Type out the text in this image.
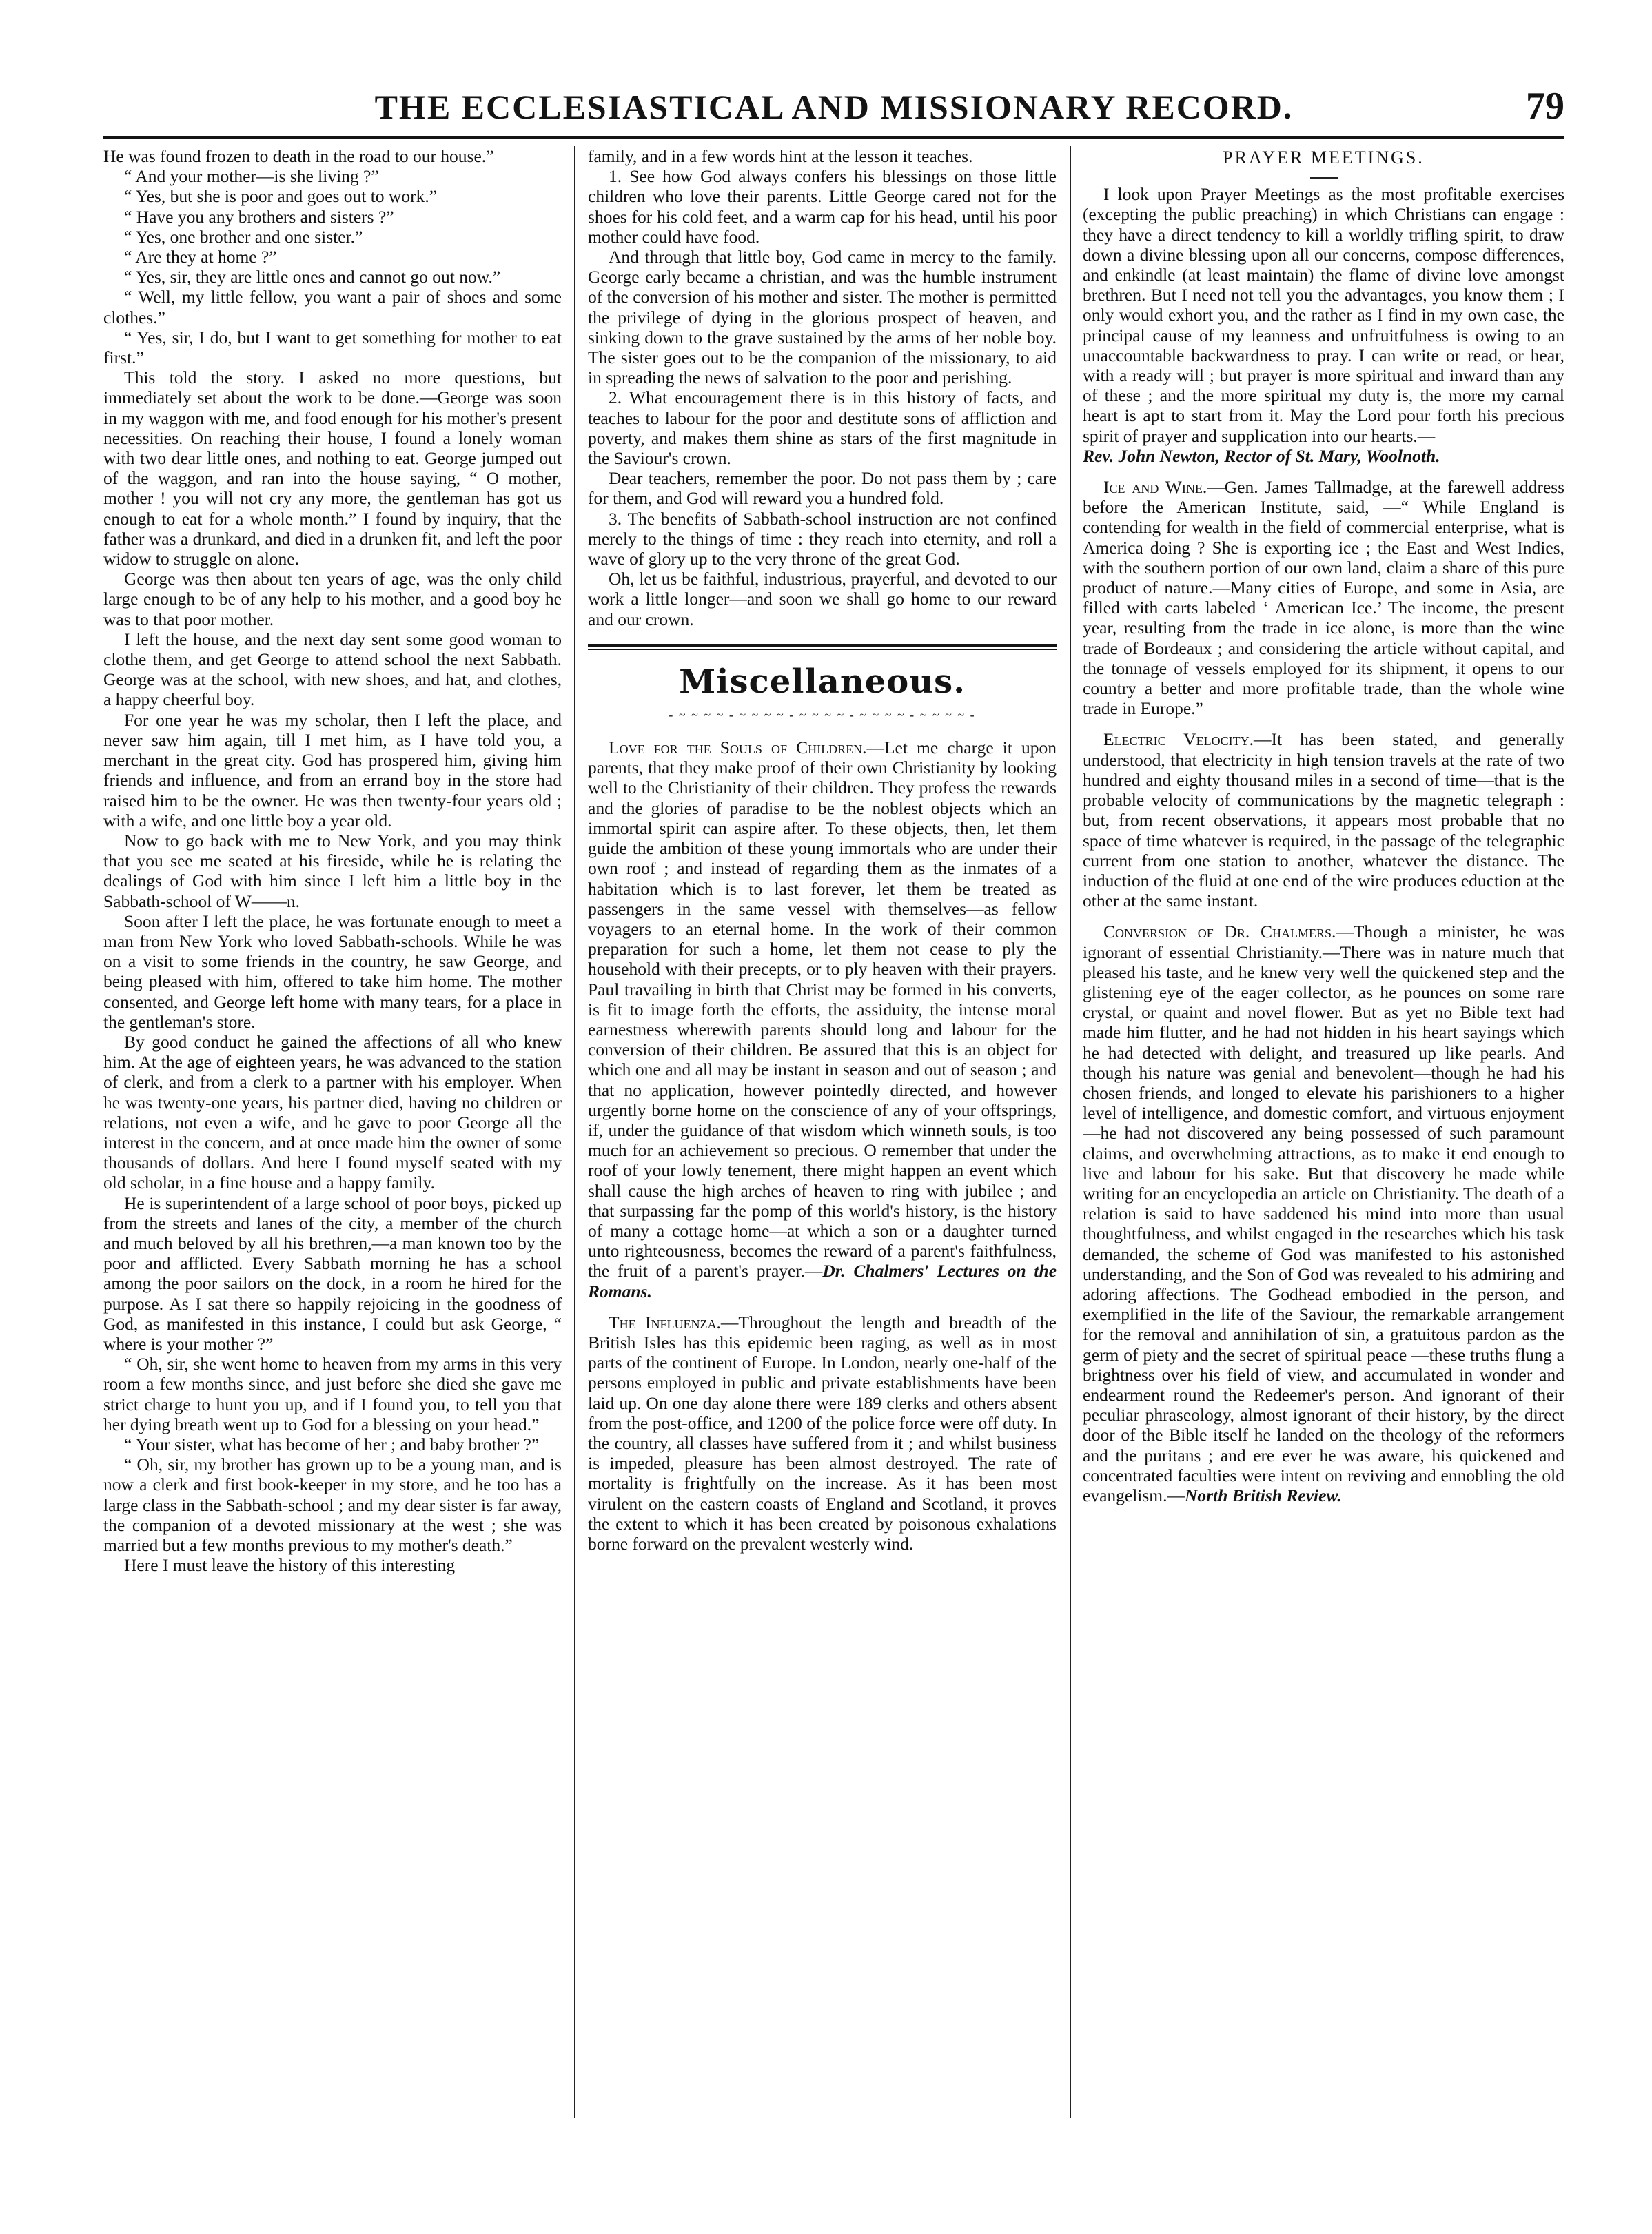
THE ECCLESIASTICAL AND MISSIONARY RECORD.	79

He was found frozen to death in the road to our house.”

“ And your mother—is she living ?”

“ Yes, but she is poor and goes out to work.”

“ Have you any brothers and sisters ?”

“ Yes, one brother and one sister.”

“ Are they at home ?”

“ Yes, sir, they are little ones and cannot go out now.”

“ Well, my little fellow, you want a pair of shoes and some clothes.”

“ Yes, sir, I do, but I want to get something for mother to eat first.”

This told the story. I asked no more questions, but immediately set about the work to be done.—George was soon in my waggon with me, and food enough for his mother's present necessities. On reaching their house, I found a lonely woman with two dear little ones, and nothing to eat. George jumped out of the waggon, and ran into the house saying, “ O mother, mother ! you will not cry any more, the gentleman has got us enough to eat for a whole month.” I found by inquiry, that the father was a drunkard, and died in a drunken fit, and left the poor widow to struggle on alone.

George was then about ten years of age, was the only child large enough to be of any help to his mother, and a good boy he was to that poor mother.

I left the house, and the next day sent some good woman to clothe them, and get George to attend school the next Sabbath. George was at the school, with new shoes, and hat, and clothes, a happy cheerful boy.

For one year he was my scholar, then I left the place, and never saw him again, till I met him, as I have told you, a merchant in the great city. God has prospered him, giving him friends and influence, and from an errand boy in the store had raised him to be the owner. He was then twenty-four years old ; with a wife, and one little boy a year old.

Now to go back with me to New York, and you may think that you see me seated at his fireside, while he is relating the dealings of God with him since I left him a little boy in the Sabbath-school of W——n.

Soon after I left the place, he was fortunate enough to meet a man from New York who loved Sabbath-schools. While he was on a visit to some friends in the country, he saw George, and being pleased with him, offered to take him home. The mother consented, and George left home with many tears, for a place in the gentleman's store.

By good conduct he gained the affections of all who knew him. At the age of eighteen years, he was advanced to the station of clerk, and from a clerk to a partner with his employer. When he was twenty-one years, his partner died, having no children or relations, not even a wife, and he gave to poor George all the interest in the concern, and at once made him the owner of some thousands of dollars. And here I found myself seated with my old scholar, in a fine house and a happy family.

He is superintendent of a large school of poor boys, picked up from the streets and lanes of the city, a member of the church and much beloved by all his brethren,—a man known too by the poor and afflicted. Every Sabbath morning he has a school among the poor sailors on the dock, in a room he hired for the purpose. As I sat there so happily rejoicing in the goodness of God, as manifested in this instance, I could but ask George, “ where is your mother ?”

“ Oh, sir, she went home to heaven from my arms in this very room a few months since, and just before she died she gave me strict charge to hunt you up, and if I found you, to tell you that her dying breath went up to God for a blessing on your head.”

“ Your sister, what has become of her ; and baby brother ?”

“ Oh, sir, my brother has grown up to be a young man, and is now a clerk and first book-keeper in my store, and he too has a large class in the Sabbath-school ; and my dear sister is far away, the companion of a devoted missionary at the west ; she was married but a few months previous to my mother's death.”

Here I must leave the history of this interesting

family, and in a few words hint at the lesson it teaches.

1. See how God always confers his blessings on those little children who love their parents. Little George cared not for the shoes for his cold feet, and a warm cap for his head, until his poor mother could have food.

And through that little boy, God came in mercy to the family. George early became a christian, and was the humble instrument of the conversion of his mother and sister. The mother is permitted the privilege of dying in the glorious prospect of heaven, and sinking down to the grave sustained by the arms of her noble boy. The sister goes out to be the companion of the missionary, to aid in spreading the news of salvation to the poor and perishing.

2. What encouragement there is in this history of facts, and teaches to labour for the poor and destitute sons of affliction and poverty, and makes them shine as stars of the first magnitude in the Saviour's crown.

Dear teachers, remember the poor. Do not pass them by ; care for them, and God will reward you a hundred fold.

3. The benefits of Sabbath-school instruction are not confined merely to the things of time : they reach into eternity, and roll a wave of glory up to the very throne of the great God.

Oh, let us be faithful, industrious, prayerful, and devoted to our work a little longer—and soon we shall go home to our reward and our crown.

Miscellaneous.
- ~ ~ ~ ~ - ~ ~ ~ ~ - ~ ~ ~ ~ - ~ ~ ~ ~ - ~ ~ ~ ~ -

Love for the Souls of Children.—Let me charge it upon parents, that they make proof of their own Christianity by looking well to the Christianity of their children. They profess the rewards and the glories of paradise to be the noblest objects which an immortal spirit can aspire after. To these objects, then, let them guide the ambition of these young immortals who are under their own roof ; and instead of regarding them as the inmates of a habitation which is to last forever, let them be treated as passengers in the same vessel with themselves—as fellow voyagers to an eternal home. In the work of their common preparation for such a home, let them not cease to ply the household with their precepts, or to ply heaven with their prayers. Paul travailing in birth that Christ may be formed in his converts, is fit to image forth the efforts, the assiduity, the intense moral earnestness wherewith parents should long and labour for the conversion of their children. Be assured that this is an object for which one and all may be instant in season and out of season ; and that no application, however pointedly directed, and however urgently borne home on the conscience of any of your offsprings, if, under the guidance of that wisdom which winneth souls, is too much for an achievement so precious. O remember that under the roof of your lowly tenement, there might happen an event which shall cause the high arches of heaven to ring with jubilee ; and that surpassing far the pomp of this world's history, is the history of many a cottage home—at which a son or a daughter turned unto righteousness, becomes the reward of a parent's faithfulness, the fruit of a parent's prayer.—Dr. Chalmers' Lectures on the Romans.

The Influenza.—Throughout the length and breadth of the British Isles has this epidemic been raging, as well as in most parts of the continent of Europe. In London, nearly one-half of the persons employed in public and private establishments have been laid up. On one day alone there were 189 clerks and others absent from the post-office, and 1200 of the police force were off duty. In the country, all classes have suffered from it ; and whilst business is impeded, pleasure has been almost destroyed. The rate of mortality is frightfully on the increase. As it has been most virulent on the eastern coasts of England and Scotland, it proves the extent to which it has been created by poisonous exhalations borne forward on the prevalent westerly wind.

PRAYER MEETINGS.

I look upon Prayer Meetings as the most profitable exercises (excepting the public preaching) in which Christians can engage : they have a direct tendency to kill a worldly trifling spirit, to draw down a divine blessing upon all our concerns, compose differences, and enkindle (at least maintain) the flame of divine love amongst brethren. But I need not tell you the advantages, you know them ; I only would exhort you, and the rather as I find in my own case, the principal cause of my leanness and unfruitfulness is owing to an unaccountable backwardness to pray. I can write or read, or hear, with a ready will ; but prayer is more spiritual and inward than any of these ; and the more spiritual my duty is, the more my carnal heart is apt to start from it. May the Lord pour forth his precious spirit of prayer and supplication into our hearts.—
Rev. John Newton, Rector of St. Mary, Woolnoth.

Ice and Wine.—Gen. James Tallmadge, at the farewell address before the American Institute, said, —“ While England is contending for wealth in the field of commercial enterprise, what is America doing ? She is exporting ice ; the East and West Indies, with the southern portion of our own land, claim a share of this pure product of nature.—Many cities of Europe, and some in Asia, are filled with carts labeled ‘ American Ice.’ The income, the present year, resulting from the trade in ice alone, is more than the wine trade of Bordeaux ; and considering the article without capital, and the tonnage of vessels employed for its shipment, it opens to our country a better and more profitable trade, than the whole wine trade in Europe.”

Electric Velocity.—It has been stated, and generally understood, that electricity in high tension travels at the rate of two hundred and eighty thousand miles in a second of time—that is the probable velocity of communications by the magnetic telegraph : but, from recent observations, it appears most probable that no space of time whatever is required, in the passage of the telegraphic current from one station to another, whatever the distance. The induction of the fluid at one end of the wire produces eduction at the other at the same instant.

Conversion of Dr. Chalmers.—Though a minister, he was ignorant of essential Christianity.—There was in nature much that pleased his taste, and he knew very well the quickened step and the glistening eye of the eager collector, as he pounces on some rare crystal, or quaint and novel flower. But as yet no Bible text had made him flutter, and he had not hidden in his heart sayings which he had detected with delight, and treasured up like pearls. And though his nature was genial and benevolent—though he had his chosen friends, and longed to elevate his parishioners to a higher level of intelligence, and domestic comfort, and virtuous enjoyment—he had not discovered any being possessed of such paramount claims, and overwhelming attractions, as to make it end enough to live and labour for his sake. But that discovery he made while writing for an encyclopedia an article on Christianity. The death of a relation is said to have saddened his mind into more than usual thoughtfulness, and whilst engaged in the researches which his task demanded, the scheme of God was manifested to his astonished understanding, and the Son of God was revealed to his admiring and adoring affections. The Godhead embodied in the person, and exemplified in the life of the Saviour, the remarkable arrangement for the removal and annihilation of sin, a gratuitous pardon as the germ of piety and the secret of spiritual peace —these truths flung a brightness over his field of view, and accumulated in wonder and endearment round the Redeemer's person. And ignorant of their peculiar phraseology, almost ignorant of their history, by the direct door of the Bible itself he landed on the theology of the reformers and the puritans ; and ere ever he was aware, his quickened and concentrated faculties were intent on reviving and ennobling the old evangelism.—North British Review.
